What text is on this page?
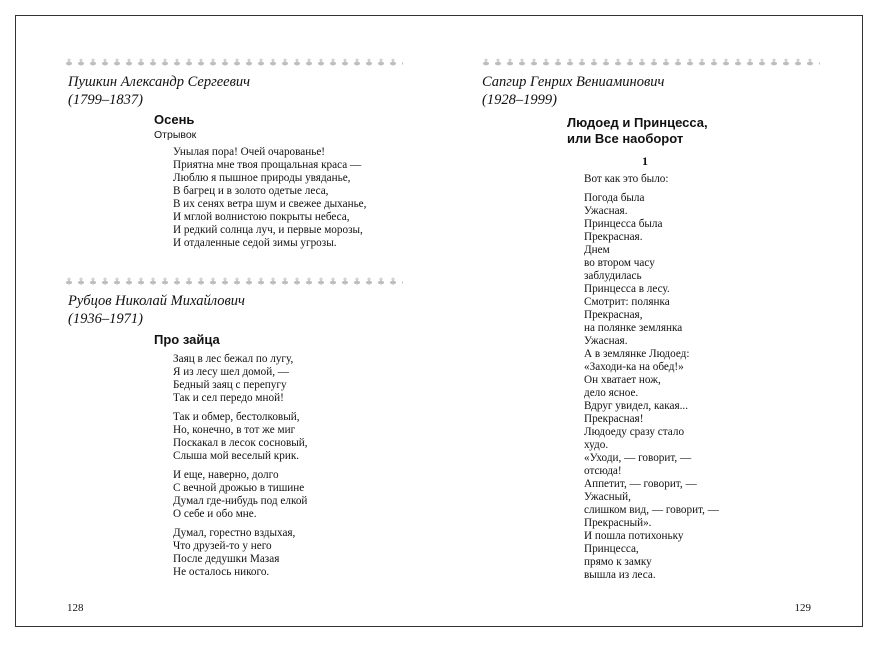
Пушкин Александр Сергеевич
(1799–1837)
Осень
Отрывок
Унылая пора! Очей очарованье!
Приятна мне твоя прощальная краса —
Люблю я пышное природы увяданье,
В багрец и в золото одетые леса,
В их сенях ветра шум и свежее дыханье,
И мглой волнистою покрыты небеса,
И редкий солнца луч, и первые морозы,
И отдаленные седой зимы угрозы.
Рубцов Николай Михайлович
(1936–1971)
Про зайца
Заяц в лес бежал по лугу,
Я из лесу шел домой, —
Бедный заяц с перепугу
Так и сел передо мной!
Так и обмер, бестолковый,
Но, конечно, в тот же миг
Поскакал в лесок сосновый,
Слыша мой веселый крик.
И еще, наверно, долго
С вечной дрожью в тишине
Думал где-нибудь под елкой
О себе и обо мне.
Думал, горестно вздыхая,
Что друзей-то у него
После дедушки Мазая
Не осталось никого.
128
Сапгир Генрих Вениаминович
(1928–1999)
Людоед и Принцесса,
или Все наоборот
1
Вот как это было:
Погода была
Ужасная.
Принцесса была
Прекрасная.
Днем
во втором часу
заблудилась
Принцесса в лесу.
Смотрит: полянка
Прекрасная,
на полянке землянка
Ужасная.
А в землянке Людоед:
«Заходи-ка на обед!»
Он хватает нож,
дело ясное.
Вдруг увидел, какая...
Прекрасная!
Людоеду сразу стало
худо.
«Уходи, — говорит, —
отсюда!
Аппетит, — говорит, —
Ужасный,
слишком вид, — говорит, —
Прекрасный».
И пошла потихоньку
Принцесса,
прямо к замку
вышла из леса.
129
